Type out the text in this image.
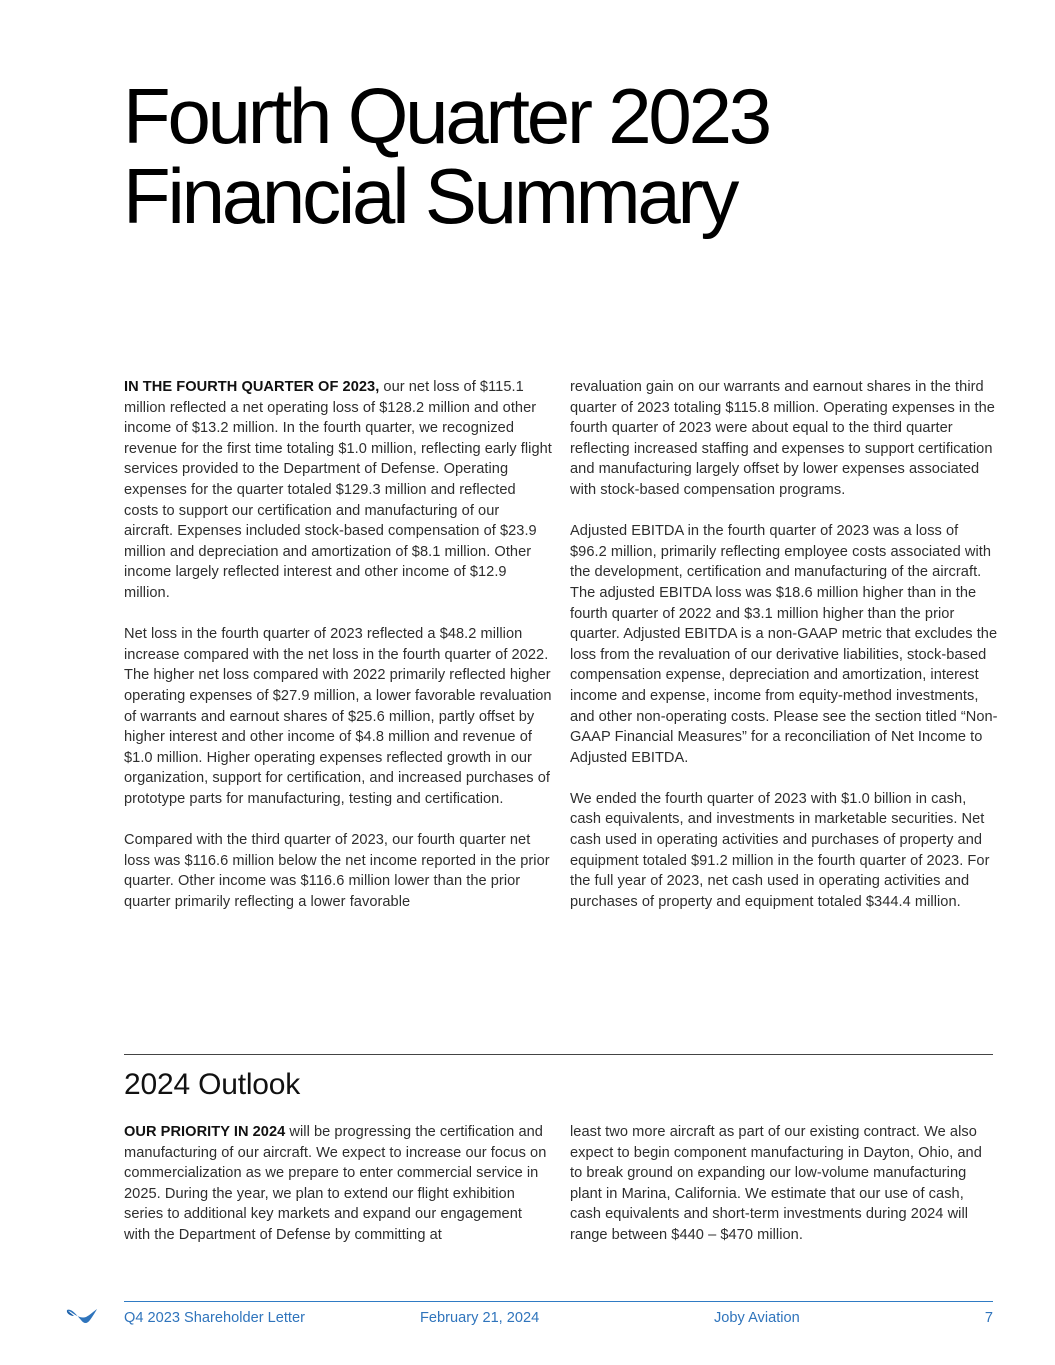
Fourth Quarter 2023
Financial Summary

IN THE FOURTH QUARTER OF 2023, our net loss of $115.1 million reflected a net operating loss of $128.2 million and other income of $13.2 million. In the fourth quarter, we recognized revenue for the first time totaling $1.0 million, reflecting early flight services provided to the Department of Defense. Operating expenses for the quarter totaled $129.3 million and reflected costs to support our certification and manufacturing of our aircraft. Expenses included stock-based compensation of $23.9 million and depreciation and amortization of $8.1 million. Other income largely reflected interest and other income of $12.9 million.

Net loss in the fourth quarter of 2023 reflected a $48.2 million increase compared with the net loss in the fourth quarter of 2022. The higher net loss compared with 2022 primarily reflected higher operating expenses of $27.9 million, a lower favorable revaluation of warrants and earnout shares of $25.6 million, partly offset by higher interest and other income of $4.8 million and revenue of $1.0 million. Higher operating expenses reflected growth in our organization, support for certification, and increased purchases of prototype parts for manufacturing, testing and certification.

Compared with the third quarter of 2023, our fourth quarter net loss was $116.6 million below the net income reported in the prior quarter. Other income was $116.6 million lower than the prior quarter primarily reflecting a lower favorable

revaluation gain on our warrants and earnout shares in the third quarter of 2023 totaling $115.8 million. Operating expenses in the fourth quarter of 2023 were about equal to the third quarter reflecting increased staffing and expenses to support certification and manufacturing largely offset by lower expenses associated with stock-based compensation programs.

Adjusted EBITDA in the fourth quarter of 2023 was a loss of $96.2 million, primarily reflecting employee costs associated with the development, certification and manufacturing of the aircraft. The adjusted EBITDA loss was $18.6 million higher than in the fourth quarter of 2022 and $3.1 million higher than the prior quarter. Adjusted EBITDA is a non-GAAP metric that excludes the loss from the revaluation of our derivative liabilities, stock-based compensation expense, depreciation and amortization, interest income and expense, income from equity-method investments, and other non-operating costs. Please see the section titled “Non-GAAP Financial Measures” for a reconciliation of Net Income to Adjusted EBITDA.

We ended the fourth quarter of 2023 with $1.0 billion in cash, cash equivalents, and investments in marketable securities. Net cash used in operating activities and purchases of property and equipment totaled $91.2 million in the fourth quarter of 2023. For the full year of 2023, net cash used in operating activities and purchases of property and equipment totaled $344.4 million.

2024 Outlook

OUR PRIORITY IN 2024 will be progressing the certification and manufacturing of our aircraft. We expect to increase our focus on commercialization as we prepare to enter commercial service in 2025. During the year, we plan to extend our flight exhibition series to additional key markets and expand our engagement with the Department of Defense by committing at

least two more aircraft as part of our existing contract. We also expect to begin component manufacturing in Dayton, Ohio, and to break ground on expanding our low-volume manufacturing plant in Marina, California. We estimate that our use of cash, cash equivalents and short-term investments during 2024 will range between $440 – $470 million.

Q4 2023 Shareholder Letter	February 21, 2024	Joby Aviation	7
